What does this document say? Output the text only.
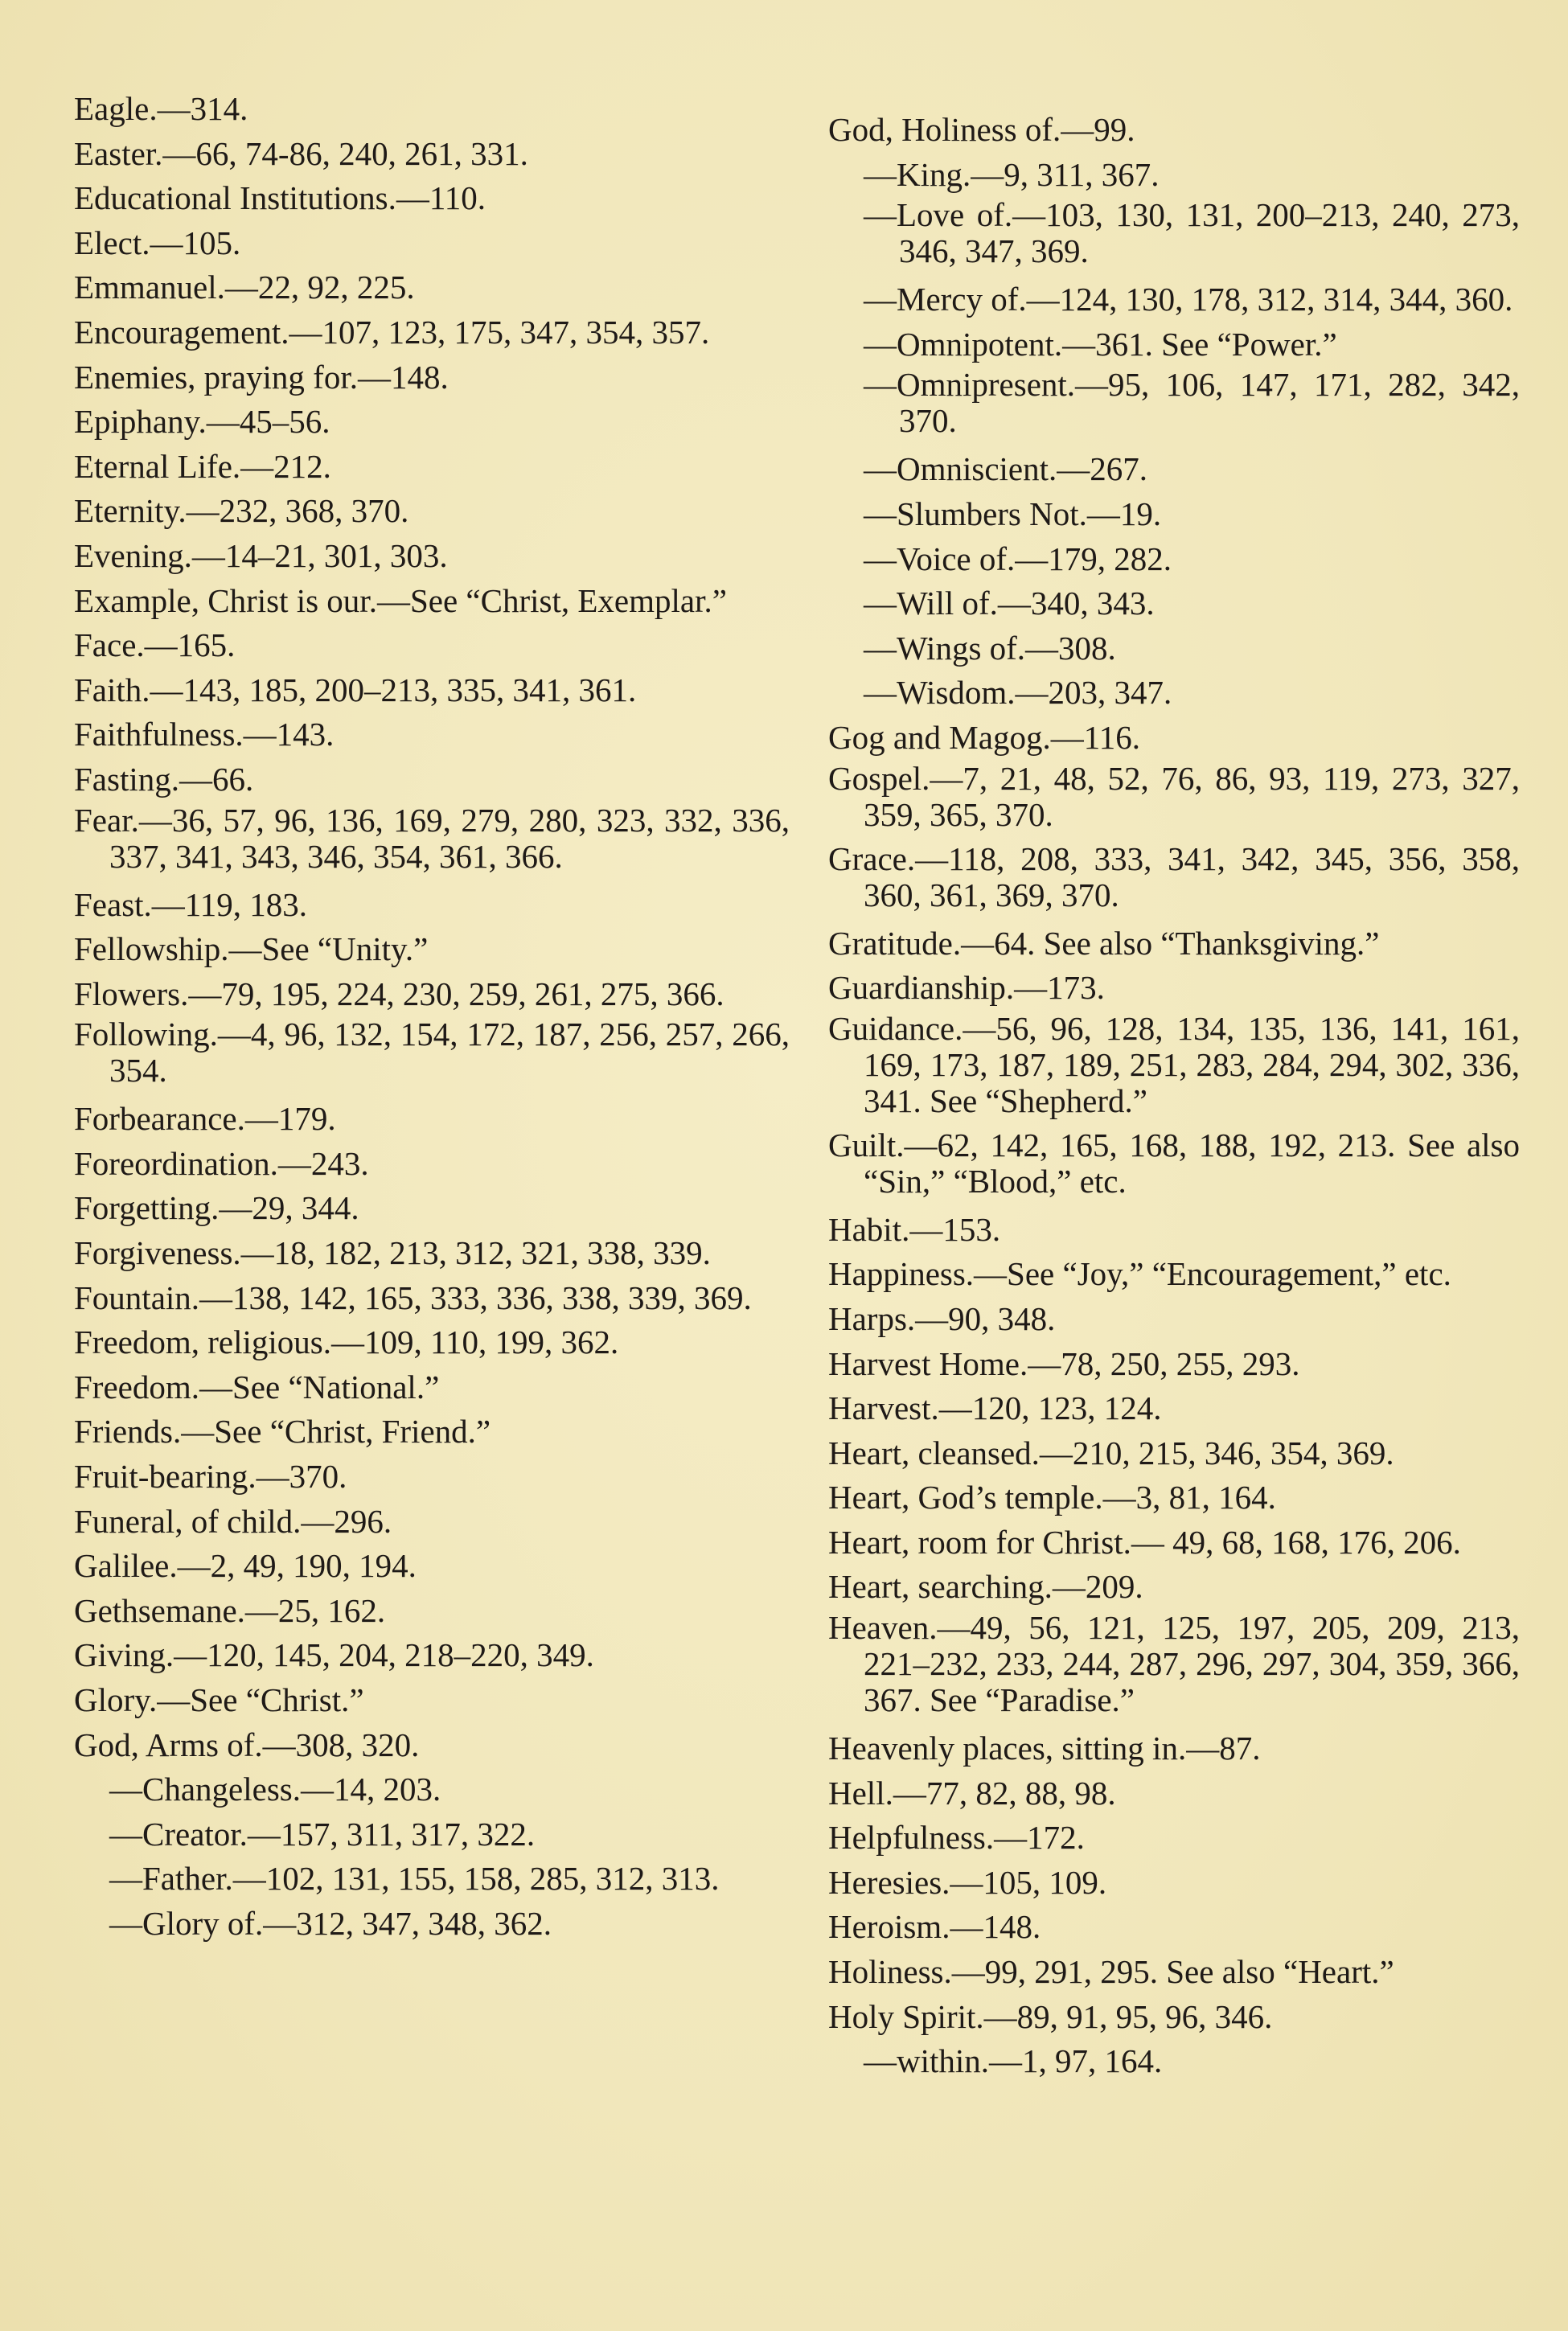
Eagle.—314.

Easter.—66, 74-86, 240, 261, 331.

Educational Institutions.—110.

Elect.—105.

Emmanuel.—22, 92, 225.

Encouragement.—107, 123, 175, 347, 354, 357.

Enemies, praying for.—148.

Epiphany.—45–56.

Eternal Life.—212.

Eternity.—232, 368, 370.

Evening.—14–21, 301, 303.

Example, Christ is our.—See “Christ, Exemplar.”

Face.—165.

Faith.—143, 185, 200–213, 335, 341, 361.

Faithfulness.—143.

Fasting.—66.

Fear.—36, 57, 96, 136, 169, 279, 280, 323, 332, 336, 337, 341, 343, 346, 354, 361, 366.

Feast.—119, 183.

Fellowship.—See “Unity.”

Flowers.—79, 195, 224, 230, 259, 261, 275, 366.

Following.—4, 96, 132, 154, 172, 187, 256, 257, 266, 354.

Forbearance.—179.

Foreordination.—243.

Forgetting.—29, 344.

Forgiveness.—18, 182, 213, 312, 321, 338, 339.

Fountain.—138, 142, 165, 333, 336, 338, 339, 369.

Freedom, religious.—109, 110, 199, 362.

Freedom.—See “National.”

Friends.—See “Christ, Friend.”

Fruit-bearing.—370.

Funeral, of child.—296.

Galilee.—2, 49, 190, 194.

Gethsemane.—25, 162.

Giving.—120, 145, 204, 218–220, 349.

Glory.—See “Christ.”

God, Arms of.—308, 320.

—Changeless.—14, 203.

—Creator.—157, 311, 317, 322.

—Father.—102, 131, 155, 158, 285, 312, 313.

—Glory of.—312, 347, 348, 362.

God, Holiness of.—99.

—King.—9, 311, 367.

—Love of.—103, 130, 131, 200–213, 240, 273, 346, 347, 369.

—Mercy of.—124, 130, 178, 312, 314, 344, 360.

—Omnipotent.—361. See “Power.”

—Omnipresent.—95, 106, 147, 171, 282, 342, 370.

—Omniscient.—267.

—Slumbers Not.—19.

—Voice of.—179, 282.

—Will of.—340, 343.

—Wings of.—308.

—Wisdom.—203, 347.

Gog and Magog.—116.

Gospel.—7, 21, 48, 52, 76, 86, 93, 119, 273, 327, 359, 365, 370.

Grace.—118, 208, 333, 341, 342, 345, 356, 358, 360, 361, 369, 370.

Gratitude.—64. See also “Thanksgiving.”

Guardianship.—173.

Guidance.—56, 96, 128, 134, 135, 136, 141, 161, 169, 173, 187, 189, 251, 283, 284, 294, 302, 336, 341. See “Shepherd.”

Guilt.—62, 142, 165, 168, 188, 192, 213. See also “Sin,” “Blood,” etc.

Habit.—153.

Happiness.—See “Joy,” “Encouragement,” etc.

Harps.—90, 348.

Harvest Home.—78, 250, 255, 293.

Harvest.—120, 123, 124.

Heart, cleansed.—210, 215, 346, 354, 369.

Heart, God’s temple.—3, 81, 164.

Heart, room for Christ.— 49, 68, 168, 176, 206.

Heart, searching.—209.

Heaven.—49, 56, 121, 125, 197, 205, 209, 213, 221–232, 233, 244, 287, 296, 297, 304, 359, 366, 367. See “Paradise.”

Heavenly places, sitting in.—87.

Hell.—77, 82, 88, 98.

Helpfulness.—172.

Heresies.—105, 109.

Heroism.—148.

Holiness.—99, 291, 295. See also “Heart.”

Holy Spirit.—89, 91, 95, 96, 346.

—within.—1, 97, 164.
